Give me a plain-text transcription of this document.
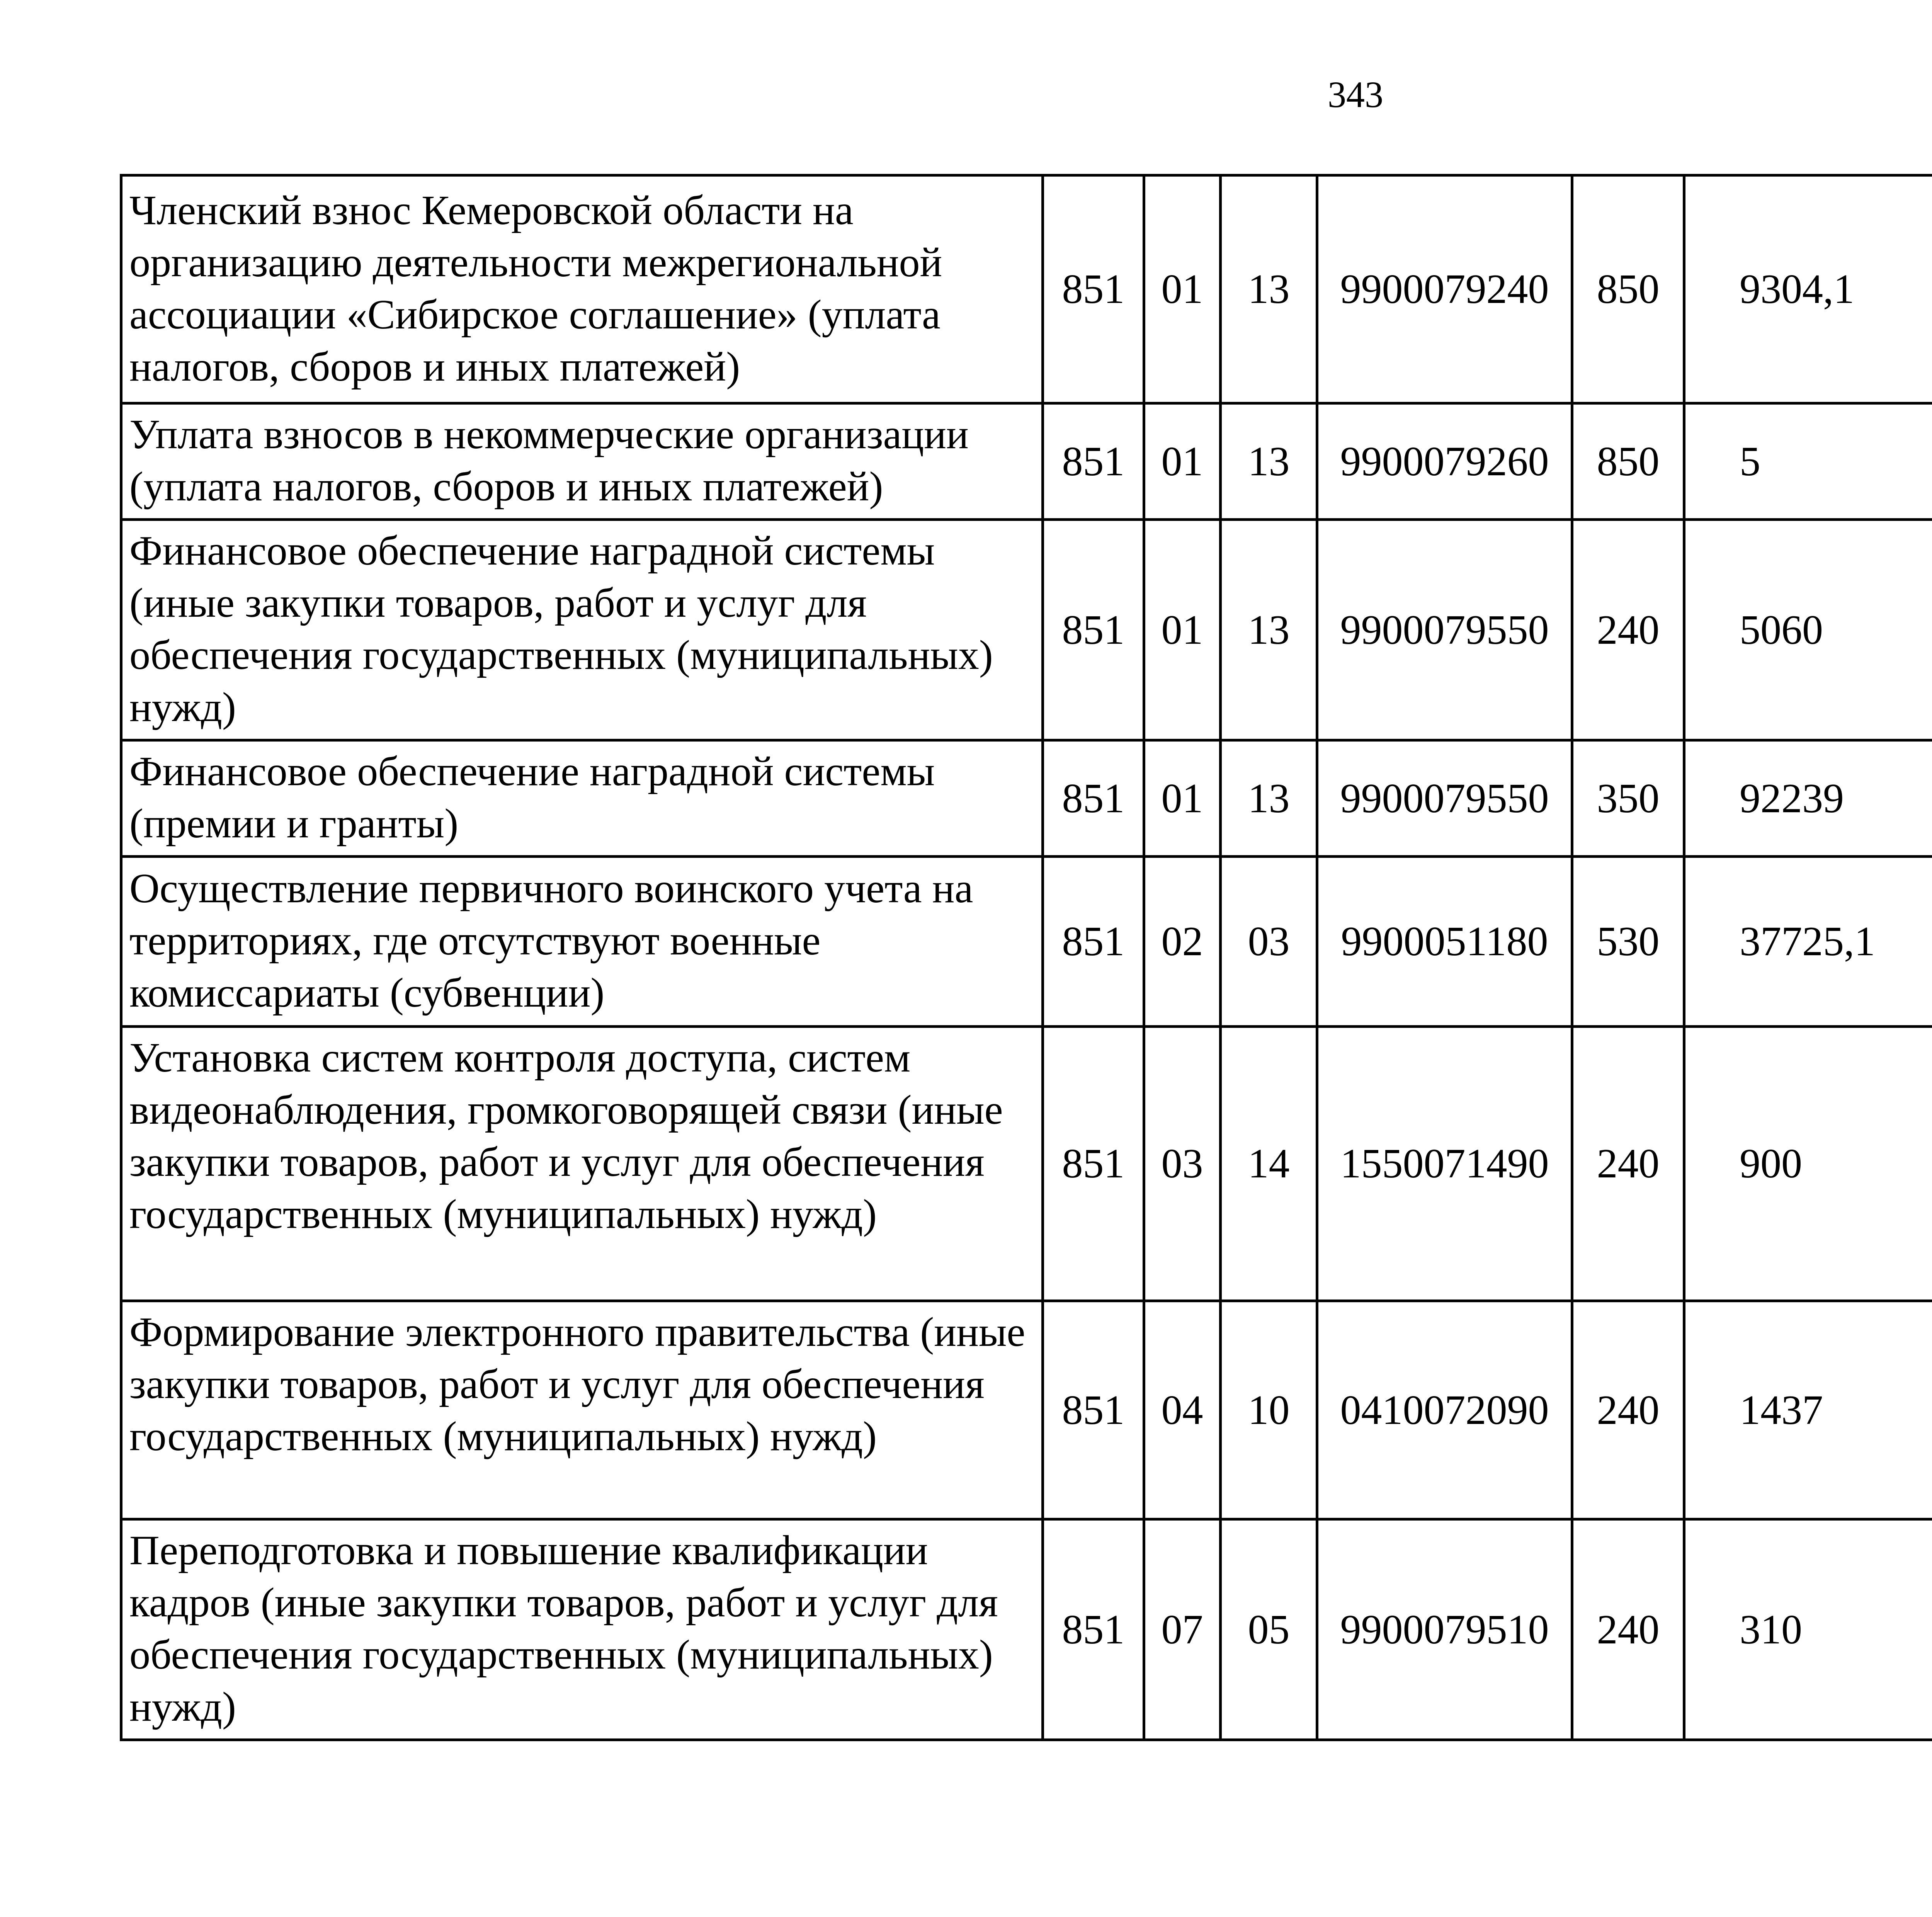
343
Членский взнос Кемеровской области на организацию деятельности межрегиональной ассоциации «Сибирское соглашение» (уплата налогов, сборов и иных платежей)	851	01	13	9900079240	850	9304,1		
Уплата взносов в некоммерческие организации (уплата налогов, сборов и иных платежей)	851	01	13	9900079260	850	5		
Финансовое обеспечение наградной системы (иные закупки товаров, работ и услуг для обеспечения государственных (муниципальных) нужд)	851	01	13	9900079550	240	5060		
Финансовое обеспечение наградной системы (премии и гранты)	851	01	13	9900079550	350	92239		
Осуществление первичного воинского учета на территориях, где отсутствуют военные комиссариаты (субвенции)	851	02	03	9900051180	530	37725,1		
Установка систем контроля доступа, систем видеонаблюдения, громкоговорящей связи (иные закупки товаров, работ и услуг для обеспечения государственных (муниципальных) нужд)	851	03	14	1550071490	240	900		
Формирование электронного правительства (иные закупки товаров, работ и услуг для обеспечения государственных (муниципальных) нужд)	851	04	10	0410072090	240	1437		
Переподготовка и повышение квалификации кадров (иные закупки товаров, работ и услуг для обеспечения государственных (муниципальных) нужд)	851	07	05	9900079510	240	310		
